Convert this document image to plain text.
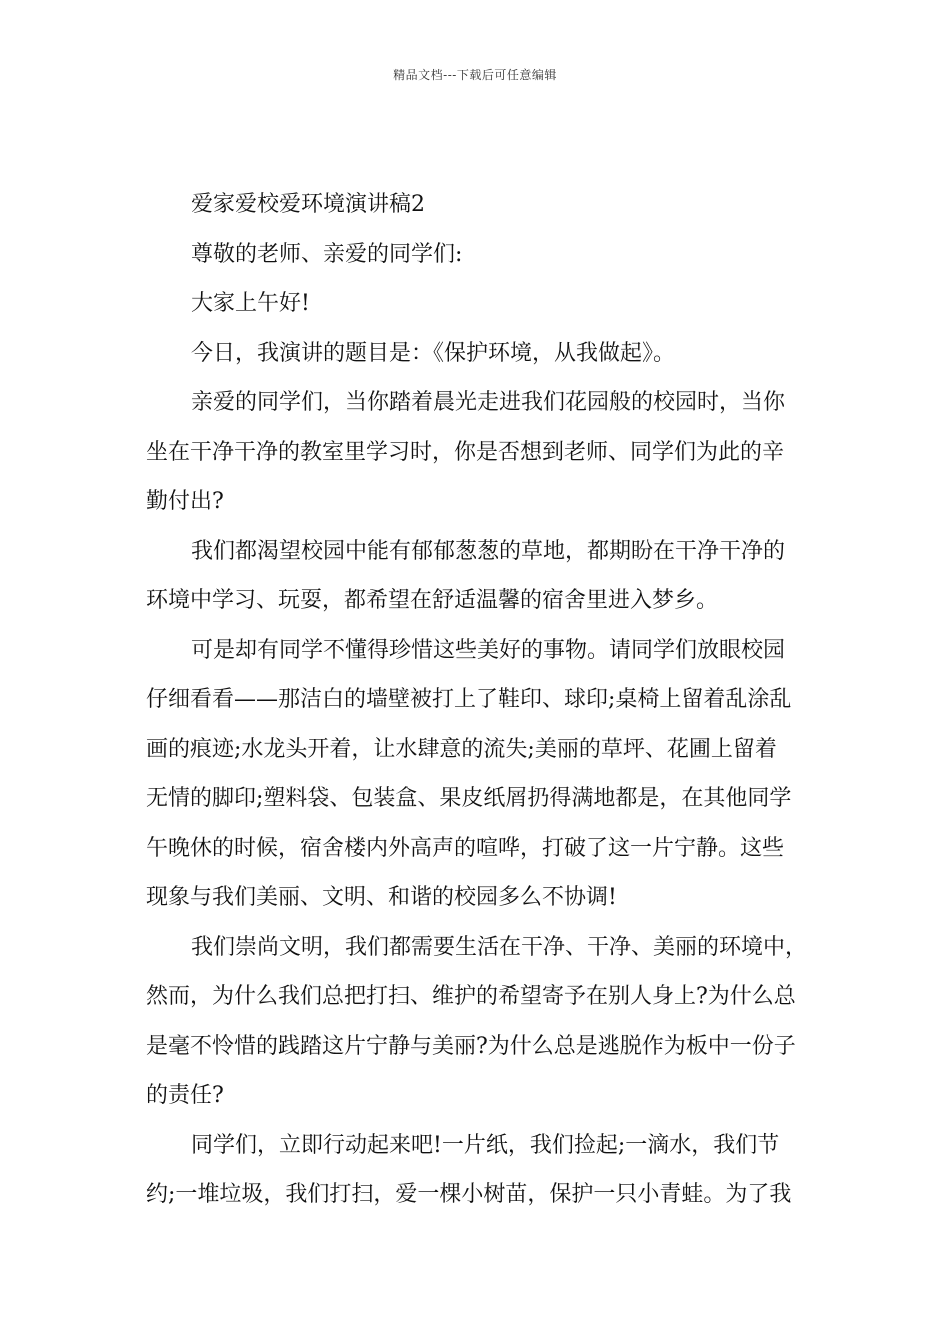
精品文档---下载后可任意编辑

爱家爱校爱环境演讲稿2

尊敬的老师、亲爱的同学们:

大家上午好!

今日，我演讲的题目是：《保护环境，从我做起》。

亲爱的同学们，当你踏着晨光走进我们花园般的校园时，当你

坐在干净干净的教室里学习时，你是否想到老师、同学们为此的辛

勤付出?

我们都渴望校园中能有郁郁葱葱的草地，都期盼在干净干净的

环境中学习、玩耍，都希望在舒适温馨的宿舍里进入梦乡。

可是却有同学不懂得珍惜这些美好的事物。请同学们放眼校园

仔细看看——那洁白的墙壁被打上了鞋印、球印;桌椅上留着乱涂乱

画的痕迹;水龙头开着，让水肆意的流失;美丽的草坪、花圃上留着

无情的脚印;塑料袋、包装盒、果皮纸屑扔得满地都是，在其他同学

午晚休的时候，宿舍楼内外高声的喧哗，打破了这一片宁静。这些

现象与我们美丽、文明、和谐的校园多么不协调!

我们崇尚文明，我们都需要生活在干净、干净、美丽的环境中，

然而，为什么我们总把打扫、维护的希望寄予在别人身上?为什么总

是毫不怜惜的践踏这片宁静与美丽?为什么总是逃脱作为板中一份子

的责任?

同学们，立即行动起来吧!一片纸，我们捡起;一滴水，我们节

约;一堆垃圾，我们打扫，爱一棵小树苗，保护一只小青蛙。为了我
